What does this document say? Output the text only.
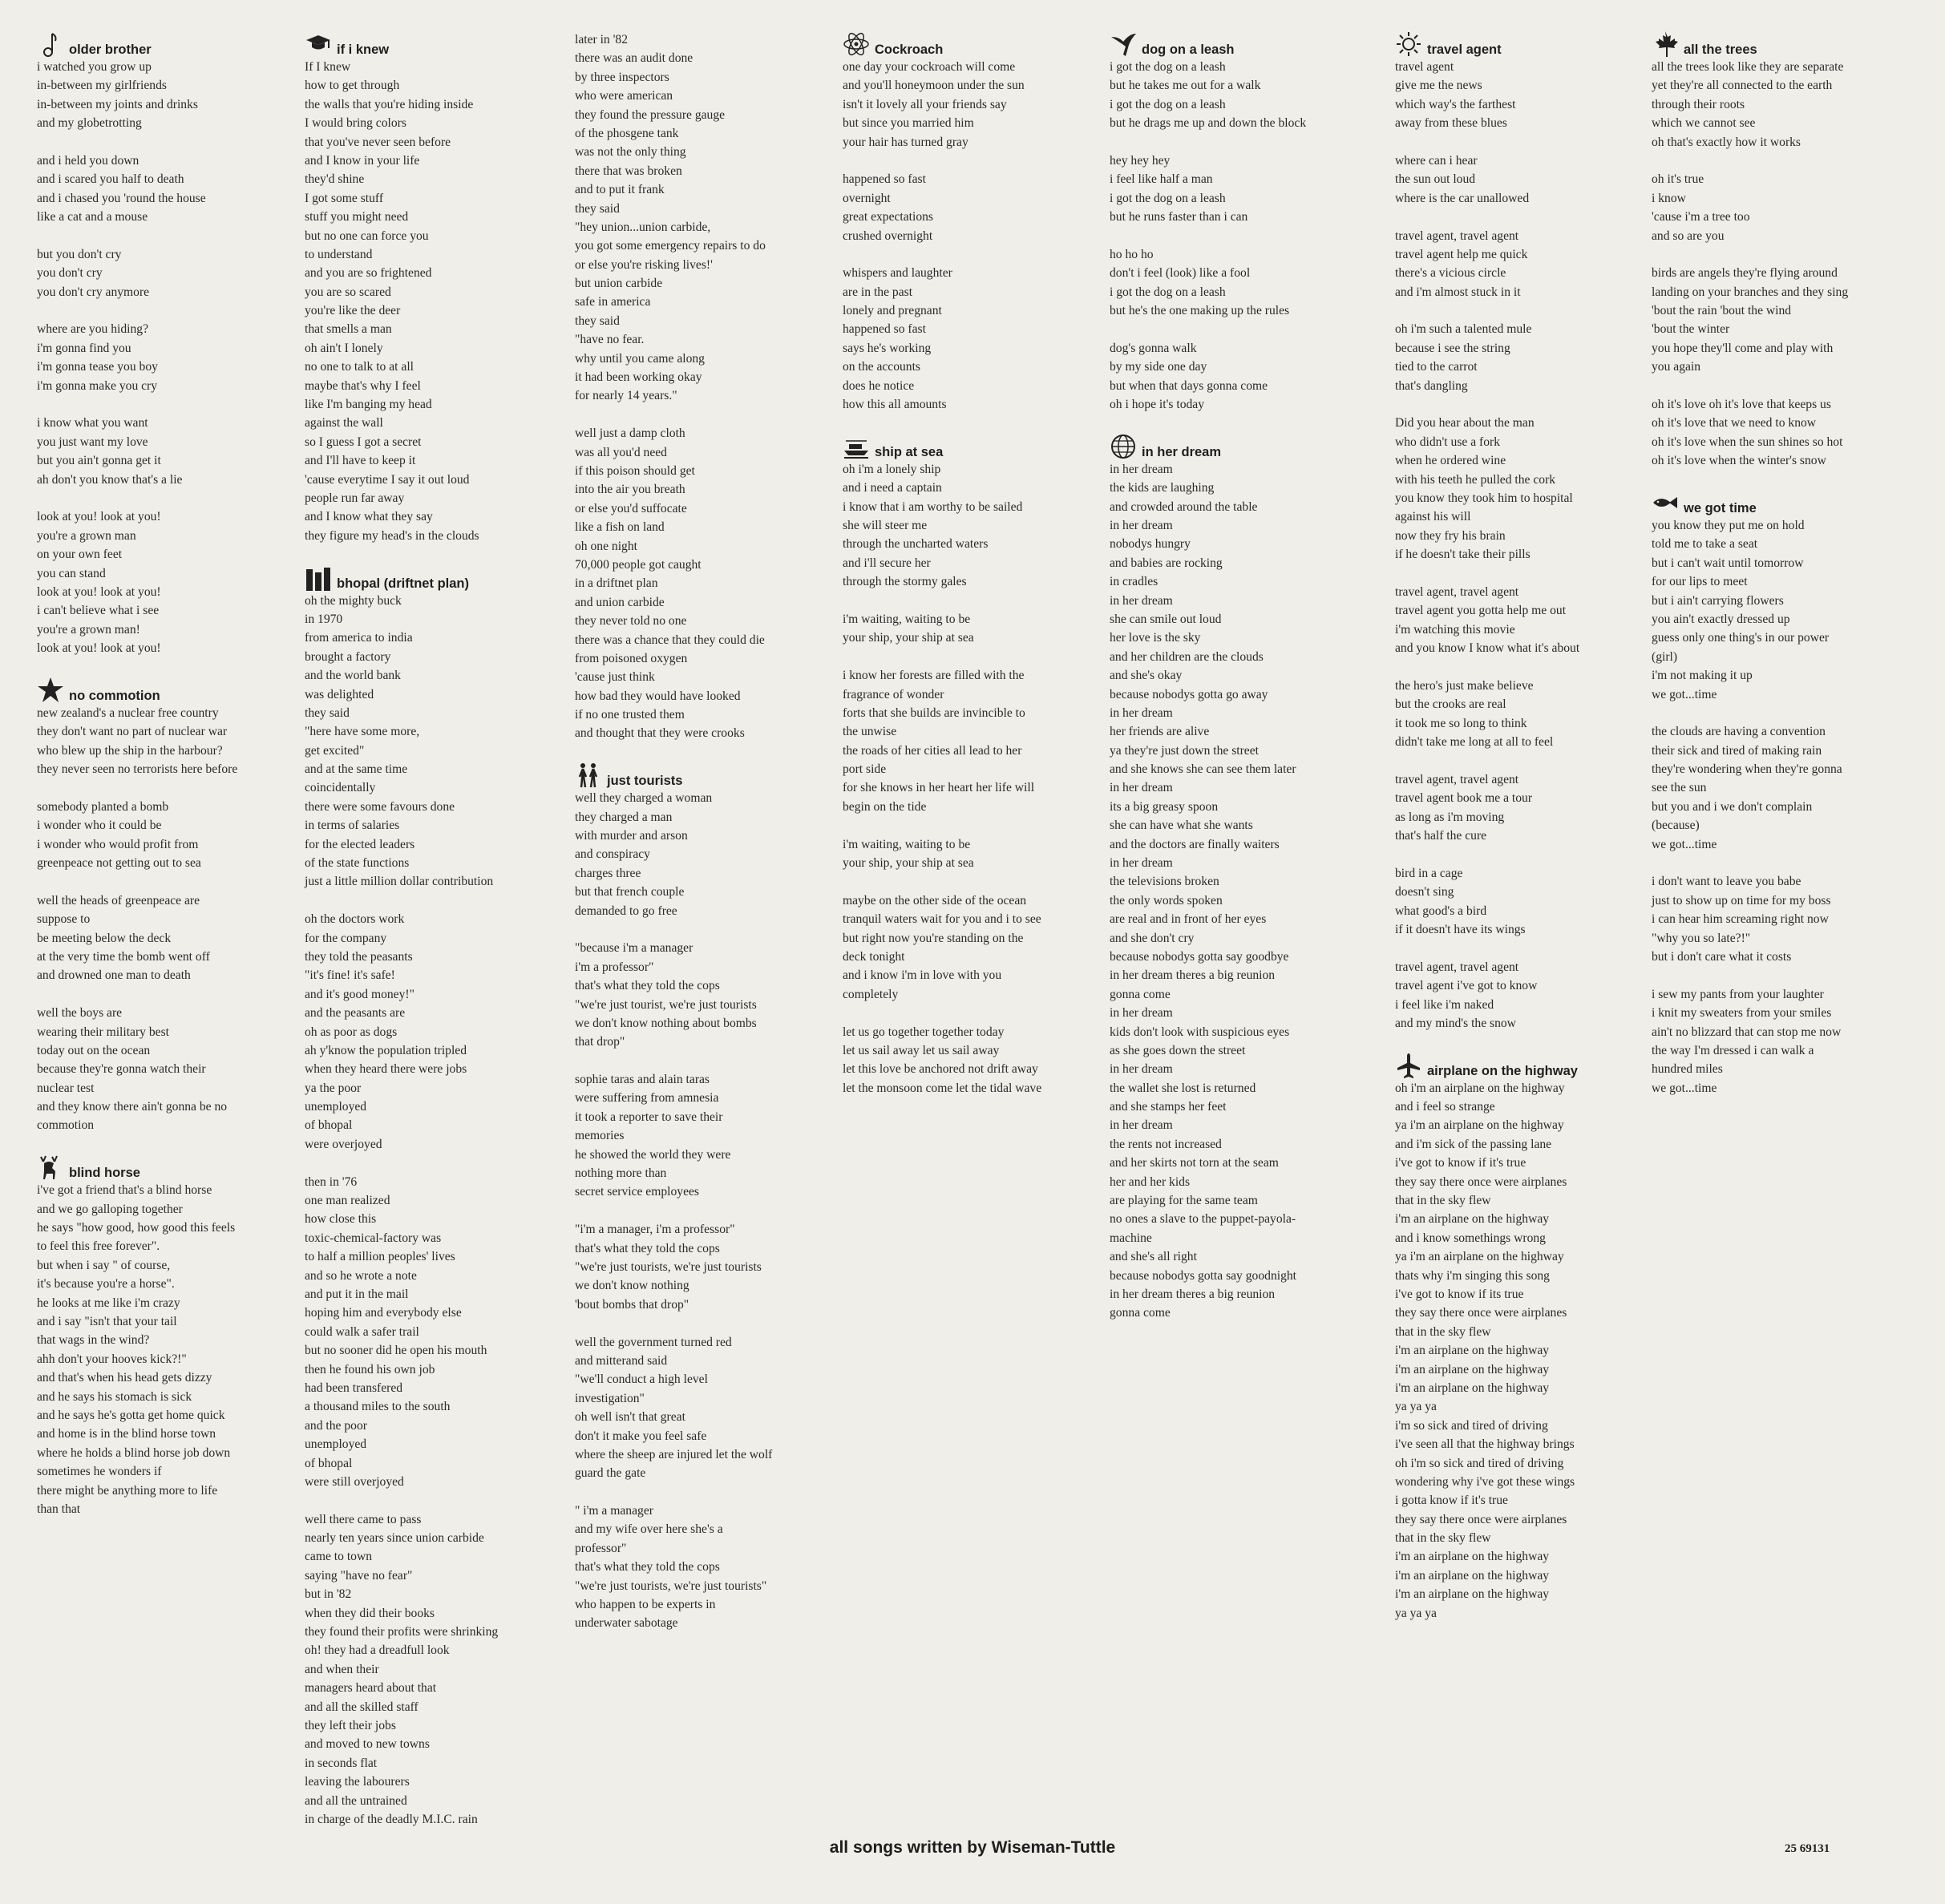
older brother
i watched you grow up
in-between my girlfriends
in-between my joints and drinks
and my globetrotting
and i held you down
and i scared you half to death
and i chased you 'round the house
like a cat and a mouse
but you don't cry
you don't cry
you don't cry anymore
where are you hiding?
i'm gonna find you
i'm gonna tease you boy
i'm gonna make you cry
i know what you want
you just want my love
but you ain't gonna get it
ah don't you know that's a lie
look at you! look at you!
you're a grown man
on your own feet
you can stand
look at you! look at you!
i can't believe what i see
you're a grown man!
look at you! look at you!
no commotion
new zealand's a nuclear free country
they don't want no part of nuclear war
who blew up the ship in the harbour?
they never seen no terrorists here before
somebody planted a bomb
i wonder who it could be
i wonder who would profit from
greenpeace not getting out to sea
well the heads of greenpeace are
suppose to
be meeting below the deck
at the very time the bomb went off
and drowned one man to death
well the boys are
wearing their military best
today out on the ocean
because they're gonna watch their
nuclear test
and they know there ain't gonna be no
commotion
blind horse
i've got a friend that's a blind horse
and we go galloping together
he says "how good, how good this feels
to feel this free forever".
but when i say " of course,
it's because you're a horse".
he looks at me like i'm crazy
and i say "isn't that your tail
that wags in the wind?
ahh don't your hooves kick?!"
and that's when his head gets dizzy
and he says his stomach is sick
and he says he's gotta get home quick
and home is in the blind horse town
where he holds a blind horse job down
sometimes he wonders if
there might be anything more to life
than that
if i knew
If I knew
how to get through
the walls that you're hiding inside
I would bring colors
that you've never seen before
and I know in your life
they'd shine
I got some stuff
stuff you might need
but no one can force you
to understand
and you are so frightened
you are so scared
you're like the deer
that smells a man
oh ain't I lonely
no one to talk to at all
maybe that's why I feel
like I'm banging my head
against the wall
so I guess I got a secret
and I'll have to keep it
'cause everytime I say it out loud
people run far away
and I know what they say
they figure my head's in the clouds
bhopal (driftnet plan)
oh the mighty buck
in 1970
from america to india
brought a factory
and the world bank
was delighted
they said
"here have some more,
get excited"
and at the same time
coincidentally
there were some favours done
in terms of salaries
for the elected leaders
of the state functions
just a little million dollar contribution
oh the doctors work
for the company
they told the peasants
"it's fine! it's safe!
and it's good money!"
and the peasants are
oh as poor as dogs
ah y'know the population tripled
when they heard there were jobs
ya the poor
unemployed
of bhopal
were overjoyed
then in '76
one man realized
how close this
toxic-chemical-factory was
to half a million peoples' lives
and so he wrote a note
and put it in the mail
hoping him and everybody else
could walk a safer trail
but no sooner did he open his mouth
then he found his own job
had been transfered
a thousand miles to the south
and the poor
unemployed
of bhopal
were still overjoyed
well there came to pass
nearly ten years since union carbide
came to town
saying "have no fear"
but in '82
when they did their books
they found their profits were shrinking
oh! they had a dreadfull look
and when their
managers heard about that
and all the skilled staff
they left their jobs
and moved to new towns
in seconds flat
leaving the labourers
and all the untrained
in charge of the deadly M.I.C. rain
later in '82
there was an audit done
by three inspectors
who were american
they found the pressure gauge
of the phosgene tank
was not the only thing
there that was broken
and to put it frank
they said
"hey union...union carbide,
you got some emergency repairs to do
or else you're risking lives!'
but union carbide
safe in america
they said
"have no fear.
why until you came along
it had been working okay
for nearly 14 years."
well just a damp cloth
was all you'd need
if this poison should get
into the air you breath
or else you'd suffocate
like a fish on land
oh one night
70,000 people got caught
in a driftnet plan
and union carbide
they never told no one
there was a chance that they could die
from poisoned oxygen
'cause just think
how bad they would have looked
if no one trusted them
and thought that they were crooks
just tourists
well they charged a woman
they charged a man
with murder and arson
and conspiracy
charges three
but that french couple
demanded to go free
"because i'm a manager
i'm a professor"
that's what they told the cops
"we're just tourist, we're just tourists
we don't know nothing about bombs
that drop"
sophie taras and alain taras
were suffering from amnesia
it took a reporter to save their
memories
he showed the world they were
nothing more than
secret service employees
"i'm a manager, i'm a professor"
that's what they told the cops
"we're just tourists, we're just tourists
we don't know nothing
'bout bombs that drop"
well the government turned red
and mitterand said
"we'll conduct a high level
investigation"
oh well isn't that great
don't it make you feel safe
where the sheep are injured let the wolf
guard the gate
" i'm a manager
and my wife over here she's a
professor"
that's what they told the cops
"we're just tourists, we're just tourists"
who happen to be experts in
underwater sabotage
Cockroach
one day your cockroach will come
and you'll honeymoon under the sun
isn't it lovely all your friends say
but since you married him
your hair has turned gray
happened so fast
overnight
great expectations
crushed overnight
whispers and laughter
are in the past
lonely and pregnant
happened so fast
says he's working
on the accounts
does he notice
how this all amounts
ship at sea
oh i'm a lonely ship
and i need a captain
i know that i am worthy to be sailed
she will steer me
through the uncharted waters
and i'll secure her
through the stormy gales
i'm waiting, waiting to be
your ship, your ship at sea
i know her forests are filled with the
fragrance of wonder
forts that she builds are invincible to
the unwise
the roads of her cities all lead to her
port side
for she knows in her heart her life will
begin on the tide
i'm waiting, waiting to be
your ship, your ship at sea
maybe on the other side of the ocean
tranquil waters wait for you and i to see
but right now you're standing on the
deck tonight
and i know i'm in love with you
completely
let us go together together today
let us sail away let us sail away
let this love be anchored not drift away
let the monsoon come let the tidal wave
dog on a leash
i got the dog on a leash
but he takes me out for a walk
i got the dog on a leash
but he drags me up and down the block
hey hey hey
i feel like half a man
i got the dog on a leash
but he runs faster than i can
ho ho ho
don't i feel (look) like a fool
i got the dog on a leash
but he's the one making up the rules
dog's gonna walk
by my side one day
but when that days gonna come
oh i hope it's today
in her dream
in her dream
the kids are laughing
and crowded around the table
in her dream
nobodys hungry
and babies are rocking
in cradles
in her dream
she can smile out loud
her love is the sky
and her children are the clouds
and she's okay
because nobodys gotta go away
in her dream
her friends are alive
ya they're just down the street
and she knows she can see them later
in her dream
its a big greasy spoon
she can have what she wants
and the doctors are finally waiters
in her dream
the televisions broken
the only words spoken
are real and in front of her eyes
and she don't cry
because nobodys gotta say goodbye
in her dream theres a big reunion
gonna come
in her dream
kids don't look with suspicious eyes
as she goes down the street
in her dream
the wallet she lost is returned
and she stamps her feet
in her dream
the rents not increased
and her skirts not torn at the seam
her and her kids
are playing for the same team
no ones a slave to the puppet-payola-
machine
and she's all right
because nobodys gotta say goodnight
in her dream theres a big reunion
gonna come
travel agent
travel agent
give me the news
which way's the farthest
away from these blues
where can i hear
the sun out loud
where is the car unallowed
travel agent, travel agent
travel agent help me quick
there's a vicious circle
and i'm almost stuck in it
oh i'm such a talented mule
because i see the string
tied to the carrot
that's dangling
Did you hear about the man
who didn't use a fork
when he ordered wine
with his teeth he pulled the cork
you know they took him to hospital
against his will
now they fry his brain
if he doesn't take their pills
travel agent, travel agent
travel agent you gotta help me out
i'm watching this movie
and you know I know what it's about
the hero's just make believe
but the crooks are real
it took me so long to think
didn't take me long at all to feel
travel agent, travel agent
travel agent book me a tour
as long as i'm moving
that's half the cure
bird in a cage
doesn't sing
what good's a bird
if it doesn't have its wings
travel agent, travel agent
travel agent i've got to know
i feel like i'm naked
and my mind's the snow
airplane on the highway
oh i'm an airplane on the highway
and i feel so strange
ya i'm an airplane on the highway
and i'm sick of the passing lane
i've got to know if it's true
they say there once were airplanes
that in the sky flew
i'm an airplane on the highway
and i know somethings wrong
ya i'm an airplane on the highway
thats why i'm singing this song
i've got to know if its true
they say there once were airplanes
that in the sky flew
i'm an airplane on the highway
i'm an airplane on the highway
i'm an airplane on the highway
ya ya ya
i'm so sick and tired of driving
i've seen all that the highway brings
oh i'm so sick and tired of driving
wondering why i've got these wings
i gotta know if it's true
they say there once were airplanes
that in the sky flew
i'm an airplane on the highway
i'm an airplane on the highway
i'm an airplane on the highway
ya ya ya
all the trees
all the trees look like they are separate
yet they're all connected to the earth
through their roots
which we cannot see
oh that's exactly how it works
oh it's true
i know
'cause i'm a tree too
and so are you
birds are angels they're flying around
landing on your branches and they sing
'bout the rain 'bout the wind
'bout the winter
you hope they'll come and play with
you again
oh it's love oh it's love that keeps us
oh it's love that we need to know
oh it's love when the sun shines so hot
oh it's love when the winter's snow
we got time
you know they put me on hold
told me to take a seat
but i can't wait until tomorrow
for our lips to meet
but i ain't carrying flowers
you ain't exactly dressed up
guess only one thing's in our power
(girl)
i'm not making it up
we got...time
the clouds are having a convention
their sick and tired of making rain
they're wondering when they're gonna
see the sun
but you and i we don't complain
(because)
we got...time
i don't want to leave you babe
just to show up on time for my boss
i can hear him screaming right now
"why you so late?!"
but i don't care what it costs
i sew my pants from your laughter
i knit my sweaters from your smiles
ain't no blizzard that can stop me now
the way I'm dressed i can walk a
hundred miles
we got...time
all songs written by Wiseman-Tuttle	25 69131
